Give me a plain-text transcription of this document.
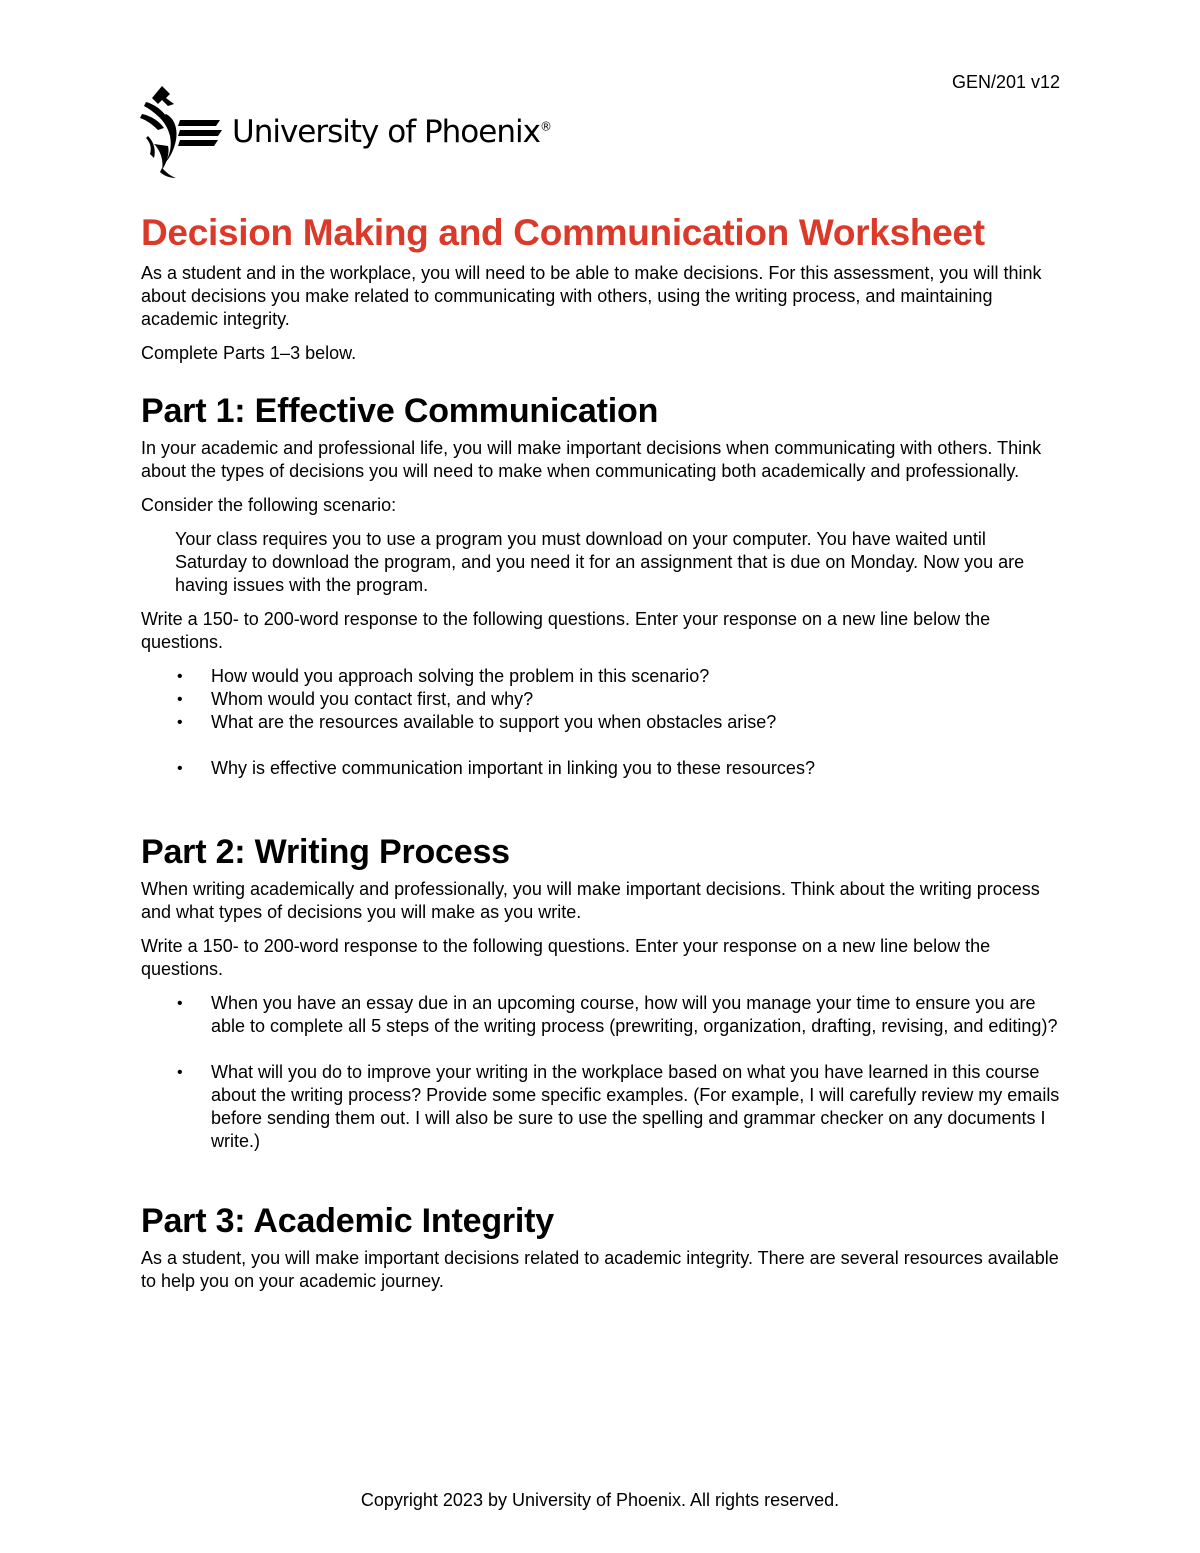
GEN/201 v12
University of Phoenix®
Decision Making and Communication Worksheet

As a student and in the workplace, you will need to be able to make decisions. For this assessment, you will think about decisions you make related to communicating with others, using the writing process, and maintaining academic integrity.

Complete Parts 1–3 below.

Part 1: Effective Communication

In your academic and professional life, you will make important decisions when communicating with others. Think about the types of decisions you will need to make when communicating both academically and professionally.

Consider the following scenario:

Your class requires you to use a program you must download on your computer. You have waited until Saturday to download the program, and you need it for an assignment that is due on Monday. Now you are having issues with the program.

Write a 150- to 200-word response to the following questions. Enter your response on a new line below the questions.

• How would you approach solving the problem in this scenario?
• Whom would you contact first, and why?
• What are the resources available to support you when obstacles arise?
• Why is effective communication important in linking you to these resources?
Part 2: Writing Process

When writing academically and professionally, you will make important decisions. Think about the writing process and what types of decisions you will make as you write.

Write a 150- to 200-word response to the following questions. Enter your response on a new line below the questions.

• When you have an essay due in an upcoming course, how will you manage your time to ensure you are able to complete all 5 steps of the writing process (prewriting, organization, drafting, revising, and editing)?
• What will you do to improve your writing in the workplace based on what you have learned in this course about the writing process? Provide some specific examples. (For example, I will carefully review my emails before sending them out. I will also be sure to use the spelling and grammar checker on any documents I write.)
Part 3: Academic Integrity

As a student, you will make important decisions related to academic integrity. There are several resources available to help you on your academic journey.

Copyright 2023 by University of Phoenix. All rights reserved.
